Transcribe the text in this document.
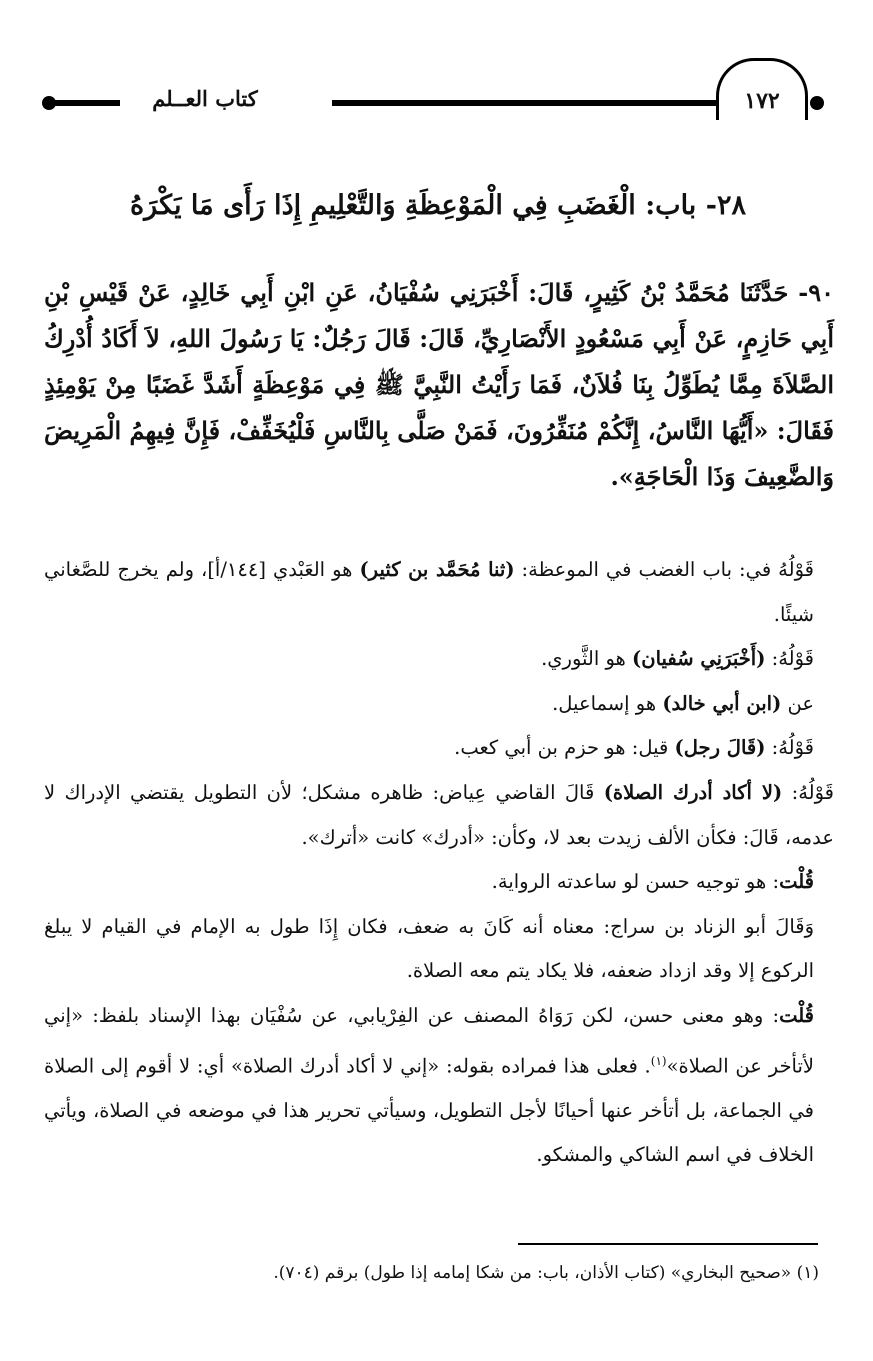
كتاب العــلم	١٧٢
٢٨- باب: الْغَضَبِ فِي الْمَوْعِظَةِ وَالتَّعْلِيمِ إِذَا رَأَى مَا يَكْرَهُ
٩٠- حَدَّثَنَا مُحَمَّدُ بْنُ كَثِيرٍ، قَالَ: أَخْبَرَنِي سُفْيَانُ، عَنِ ابْنِ أَبِي خَالِدٍ، عَنْ قَيْسِ بْنِ أَبِي حَازِمٍ، عَنْ أَبِي مَسْعُودٍ الأَنْصَارِيِّ، قَالَ: قَالَ رَجُلٌ: يَا رَسُولَ اللهِ، لاَ أَكَادُ أُدْرِكُ الصَّلاَةَ مِمَّا يُطَوِّلُ بِنَا فُلاَنٌ، فَمَا رَأَيْتُ النَّبِيَّ ﷺ فِي مَوْعِظَةٍ أَشَدَّ غَضَبًا مِنْ يَوْمِئِذٍ فَقَالَ: «أَيُّهَا النَّاسُ، إِنَّكُمْ مُنَفِّرُونَ، فَمَنْ صَلَّى بِالنَّاسِ فَلْيُخَفِّفْ، فَإِنَّ فِيهِمُ الْمَرِيضَ وَالضَّعِيفَ وَذَا الْحَاجَةِ».

قَوْلُهُ في: باب الغضب في الموعظة: (ثنا مُحَمَّد بن كثير) هو العَبْدي [١٤٤/أ]، ولم يخرج للصَّغاني شيئًا.

قَوْلُهُ: (أَخْبَرَنِي سُفيان) هو الثَّوري.

عن (ابن أبي خالد) هو إسماعيل.

قَوْلُهُ: (قَالَ رجل) قيل: هو حزم بن أبي كعب.

قَوْلُهُ: (لا أكاد أدرك الصلاة) قَالَ القاضي عِياض: ظاهره مشكل؛ لأن التطويل يقتضي الإدراك لا عدمه، قَالَ: فكأن الألف زيدت بعد لا، وكأن: «أدرك» كانت «أترك».

قُلْت: هو توجيه حسن لو ساعدته الرواية.

وَقَالَ أبو الزناد بن سراج: معناه أنه كَانَ به ضعف، فكان إِذَا طول به الإمام في القيام لا يبلغ الركوع إلا وقد ازداد ضعفه، فلا يكاد يتم معه الصلاة.

قُلْت: وهو معنى حسن، لكن رَوَاهُ المصنف عن الفِرْيابي، عن سُفْيَان بهذا الإسناد بلفظ: «إني لأتأخر عن الصلاة»$^{(١)}$. فعلى هذا فمراده بقوله: «إني لا أكاد أدرك الصلاة» أي: لا أقوم إلى الصلاة في الجماعة، بل أتأخر عنها أحيانًا لأجل التطويل، وسيأتي تحرير هذا في موضعه في الصلاة، ويأتي الخلاف في اسم الشاكي والمشكو.

(١) «صحيح البخاري» (كتاب الأذان، باب: من شكا إمامه إذا طول) برقم (٧٠٤).
